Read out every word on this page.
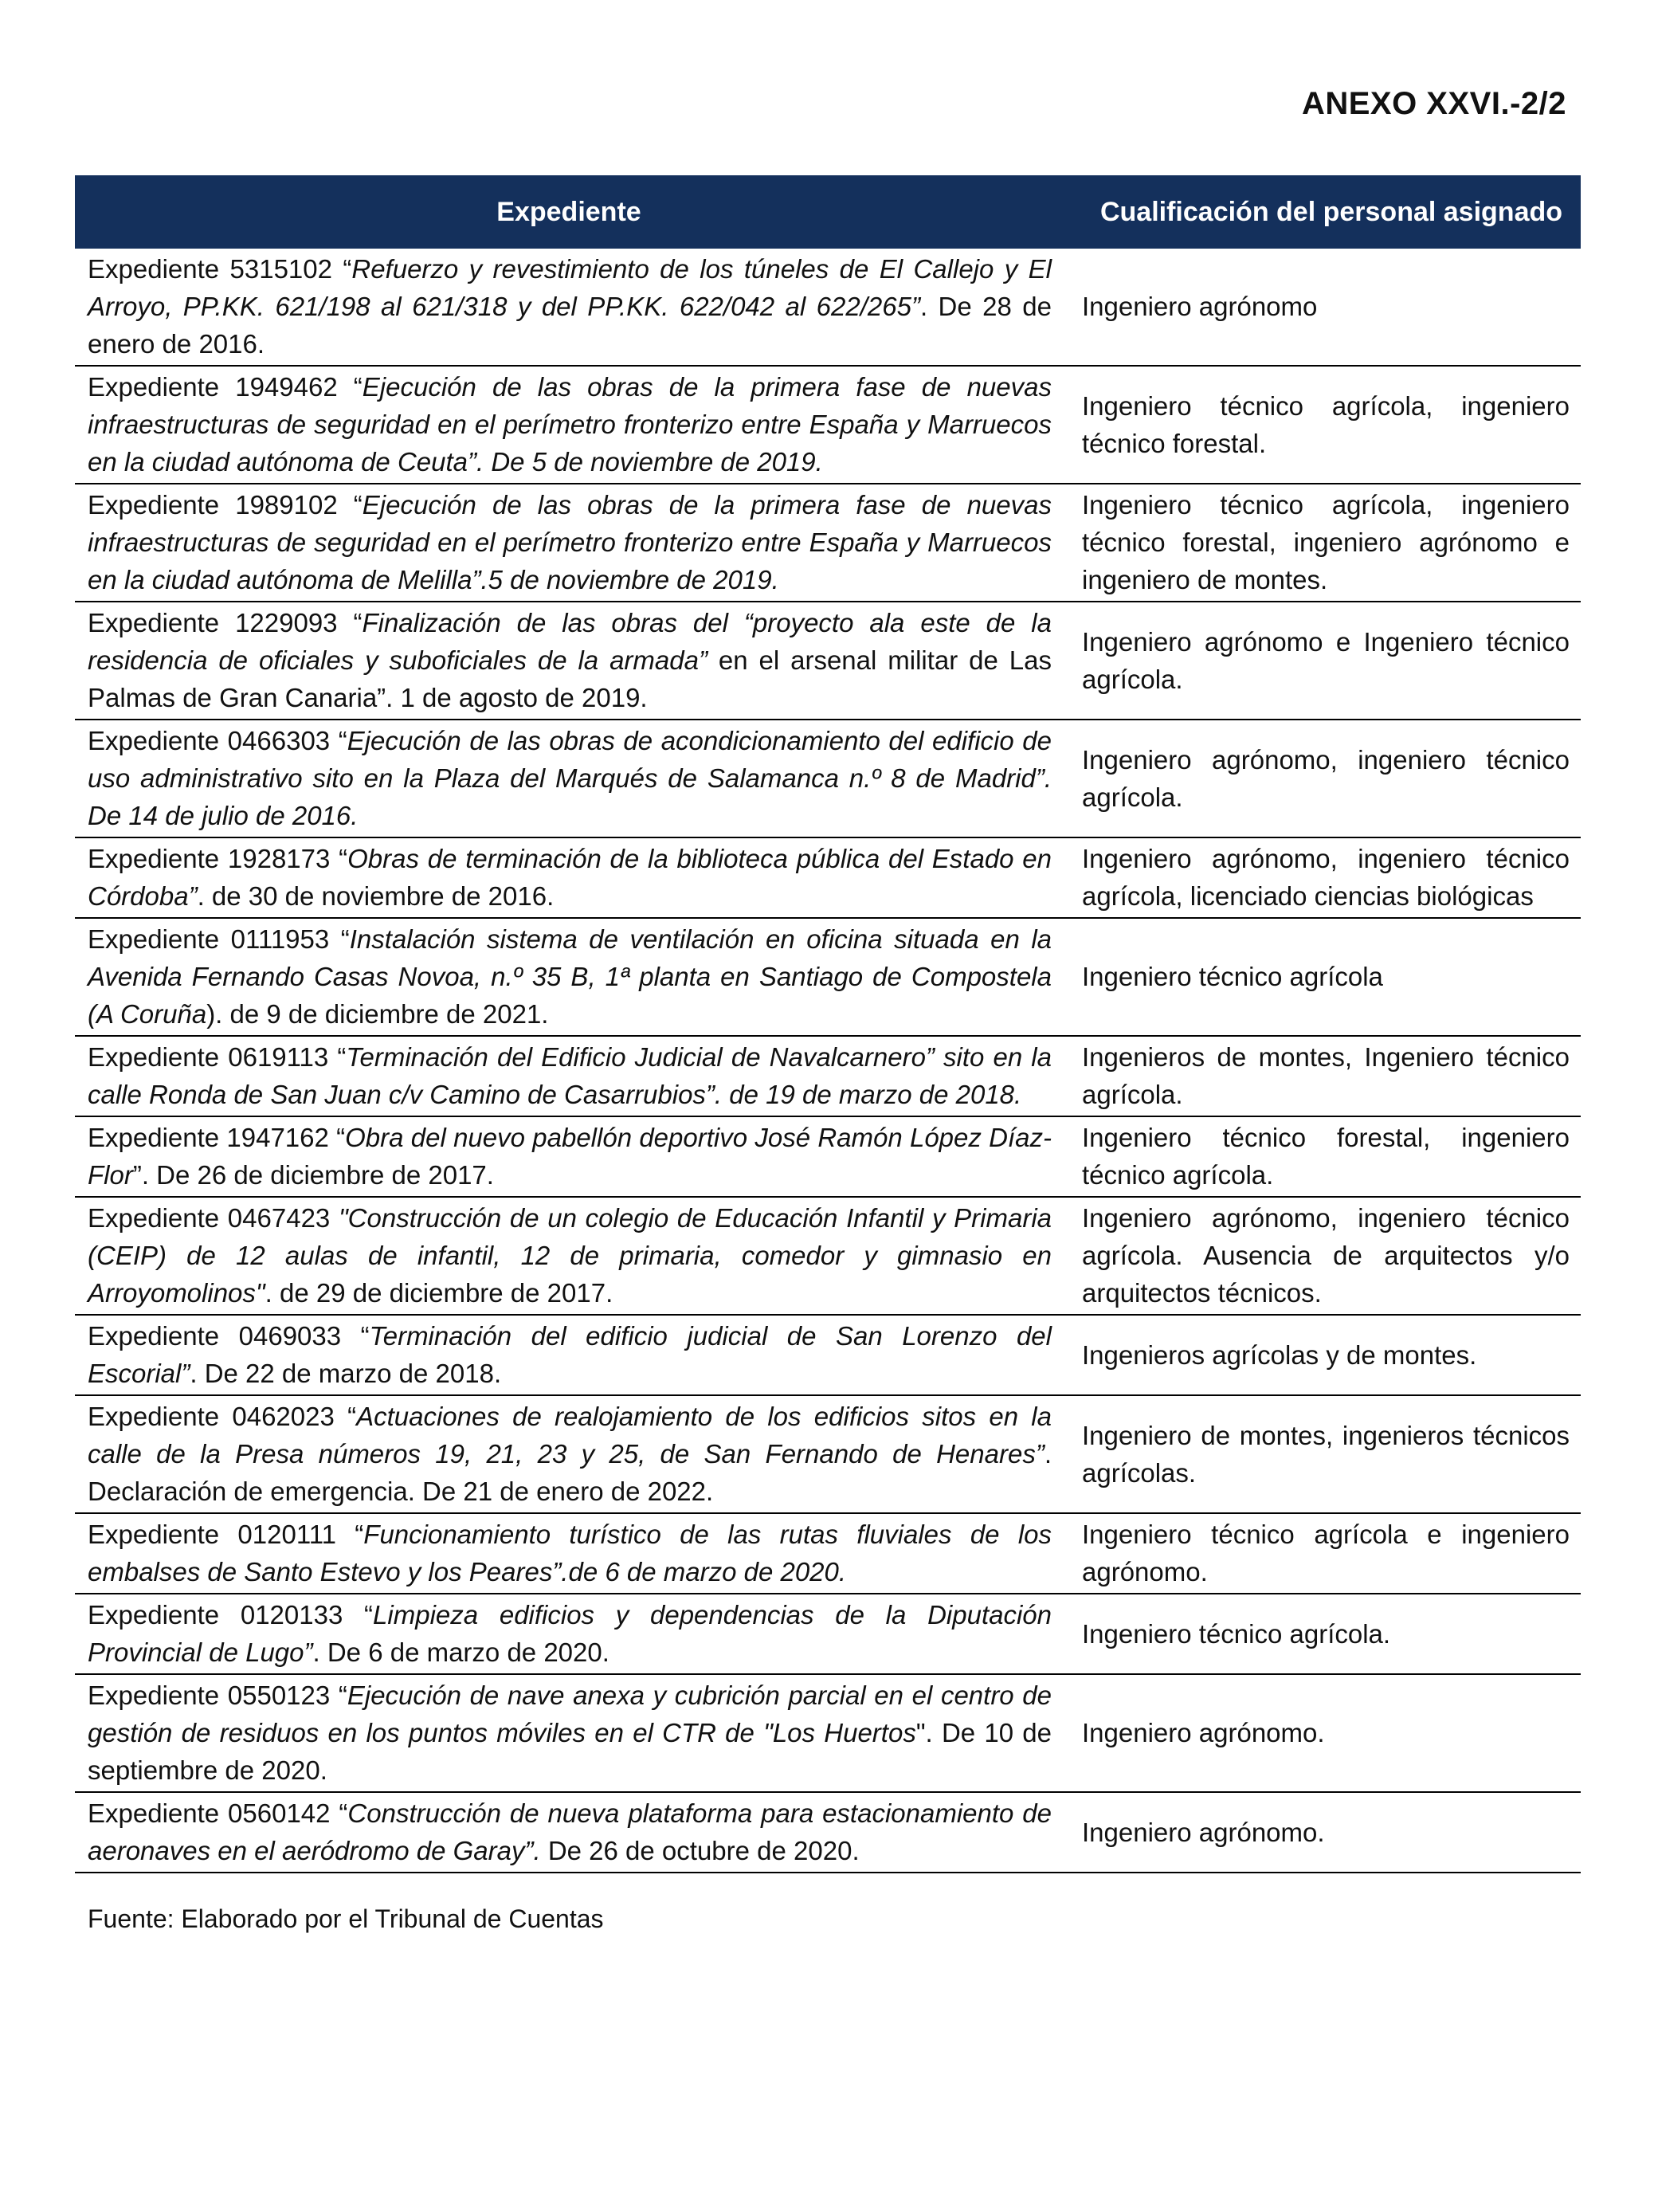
ANEXO XXVI.-2/2
Expediente		Cualificación del personal asignado
Expediente 5315102 “Refuerzo y revestimiento de los túneles de El Callejo y El Arroyo, PP.KK. 621/198 al 621/318 y del PP.KK. 622/042 al 622/265”. De 28 de enero de 2016.		Ingeniero agrónomo
Expediente 1949462 “Ejecución de las obras de la primera fase de nuevas infraestructuras de seguridad en el perímetro fronterizo entre España y Marruecos en la ciudad autónoma de Ceuta”. De 5 de noviembre de 2019.		Ingeniero técnico agrícola, ingeniero técnico forestal.
Expediente 1989102 “Ejecución de las obras de la primera fase de nuevas infraestructuras de seguridad en el perímetro fronterizo entre España y Marruecos en la ciudad autónoma de Melilla”.5 de noviembre de 2019.		Ingeniero técnico agrícola, ingeniero técnico forestal, ingeniero agrónomo e ingeniero de montes.
Expediente 1229093 “Finalización de las obras del “proyecto ala este de la residencia de oficiales y suboficiales de la armada” en el arsenal militar de Las Palmas de Gran Canaria”. 1 de agosto de 2019.		Ingeniero agrónomo e Ingeniero técnico agrícola.
Expediente 0466303 “Ejecución de las obras de acondicionamiento del edificio de uso administrativo sito en la Plaza del Marqués de Salamanca n.º 8 de Madrid”. De 14 de julio de 2016.		Ingeniero agrónomo, ingeniero técnico agrícola.
Expediente 1928173 “Obras de terminación de la biblioteca pública del Estado en Córdoba”. de 30 de noviembre de 2016.		Ingeniero agrónomo, ingeniero técnico agrícola, licenciado ciencias biológicas
Expediente 0111953 “Instalación sistema de ventilación en oficina situada en la Avenida Fernando Casas Novoa, n.º 35 B, 1ª planta en Santiago de Compostela (A Coruña). de 9 de diciembre de 2021.		Ingeniero técnico agrícola
Expediente 0619113 “Terminación del Edificio Judicial de Navalcarnero” sito en la calle Ronda de San Juan c/v Camino de Casarrubios”. de 19 de marzo de 2018.		Ingenieros de montes, Ingeniero técnico agrícola.
Expediente 1947162 “Obra del nuevo pabellón deportivo José Ramón López Díaz-Flor”. De 26 de diciembre de 2017.		Ingeniero técnico forestal, ingeniero técnico agrícola.
Expediente 0467423 "Construcción de un colegio de Educación Infantil y Primaria (CEIP) de 12 aulas de infantil, 12 de primaria, comedor y gimnasio en Arroyomolinos". de 29 de diciembre de 2017.		Ingeniero agrónomo, ingeniero técnico agrícola. Ausencia de arquitectos y/o arquitectos técnicos.
Expediente 0469033 “Terminación del edificio judicial de San Lorenzo del Escorial”. De 22 de marzo de 2018.		Ingenieros agrícolas y de montes.
Expediente 0462023 “Actuaciones de realojamiento de los edificios sitos en la calle de la Presa números 19, 21, 23 y 25, de San Fernando de Henares”. Declaración de emergencia. De 21 de enero de 2022.		Ingeniero de montes, ingenieros técnicos agrícolas.
Expediente 0120111 “Funcionamiento turístico de las rutas fluviales de los embalses de Santo Estevo y los Peares”.de 6 de marzo de 2020.		Ingeniero técnico agrícola e ingeniero agrónomo.
Expediente 0120133 “Limpieza edificios y dependencias de la Diputación Provincial de Lugo”. De 6 de marzo de 2020.		Ingeniero técnico agrícola.
Expediente 0550123 “Ejecución de nave anexa y cubrición parcial en el centro de gestión de residuos en los puntos móviles en el CTR de "Los Huertos". De 10 de septiembre de 2020.		Ingeniero agrónomo.
Expediente 0560142 “Construcción de nueva plataforma para estacionamiento de aeronaves en el aeródromo de Garay”. De 26 de octubre de 2020.		Ingeniero agrónomo.
Fuente: Elaborado por el Tribunal de Cuentas
